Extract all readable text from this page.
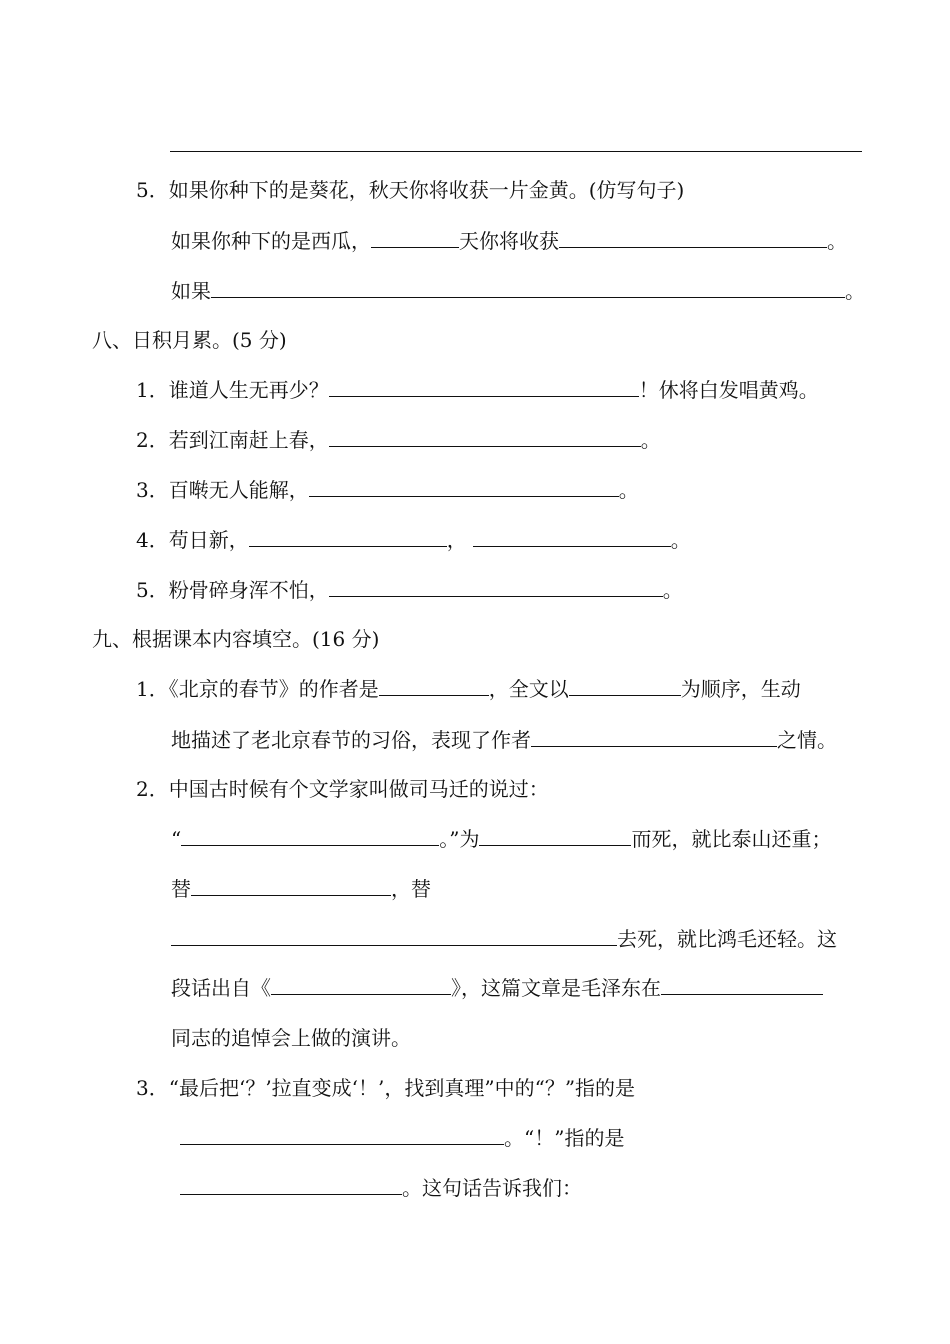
5．如果你种下的是葵花，秋天你将收获一片金黄。(仿写句子)
如果你种下的是西瓜，	天你将收获	。
如果	。
八、日积月累。(5 分)
1．谁道人生无再少？	！休将白发唱黄鸡。
2．若到江南赶上春，	。
3．百啭无人能解，	。
4．苟日新，	，	。
5．粉骨碎身浑不怕，	。
九、根据课本内容填空。(16 分)
1．《北京的春节》的作者是	，全文以	为顺序，生动
地描述了老北京春节的习俗，表现了作者	之情。
2．中国古时候有个文学家叫做司马迁的说过：
“	。”为	而死，就比泰山还重；
替	，替
去死，就比鸿毛还轻。这
段话出自《	》，这篇文章是毛泽东在
同志的追悼会上做的演讲。
3．“最后把‘？’拉直变成‘！’，找到真理”中的“？”指的是
。“！”指的是
。这句话告诉我们：
